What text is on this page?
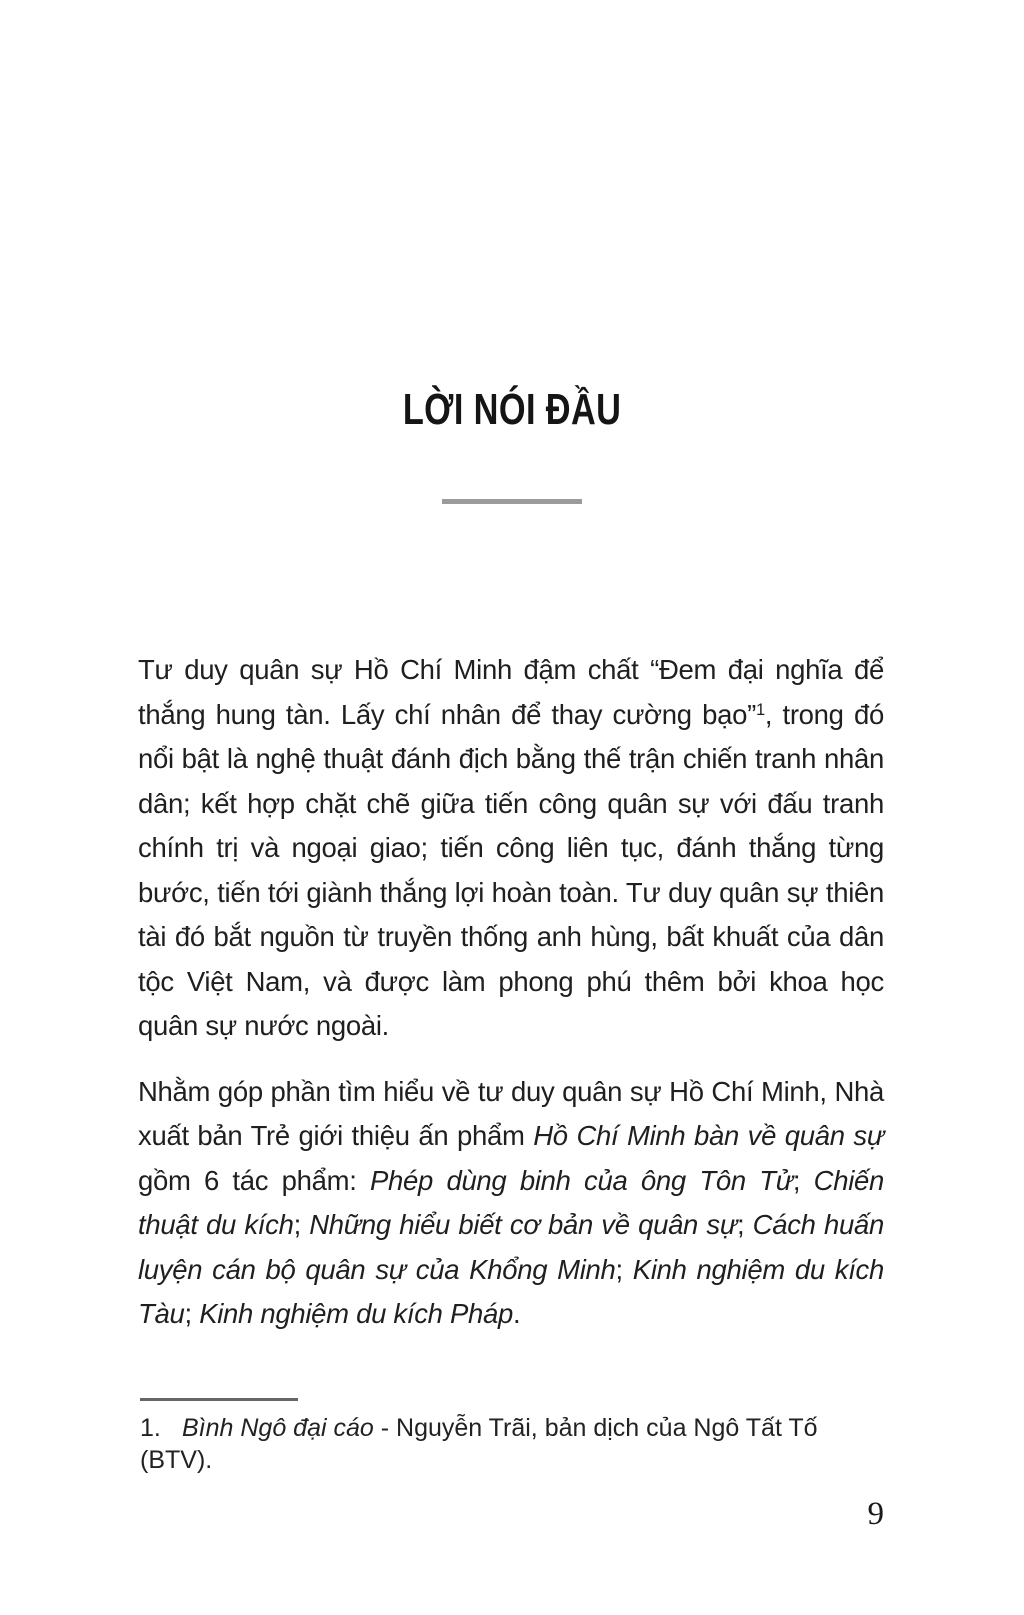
LỜI NÓI ĐẦU

Tư duy quân sự Hồ Chí Minh đậm chất “Đem đại nghĩa để thắng hung tàn. Lấy chí nhân để thay cường bạo”$^1$, trong đó nổi bật là nghệ thuật đánh địch bằng thế trận chiến tranh nhân dân; kết hợp chặt chẽ giữa tiến công quân sự với đấu tranh chính trị và ngoại giao; tiến công liên tục, đánh thắng từng bước, tiến tới giành thắng lợi hoàn toàn. Tư duy quân sự thiên tài đó bắt nguồn từ truyền thống anh hùng, bất khuất của dân tộc Việt Nam, và được làm phong phú thêm bởi khoa học quân sự nước ngoài.

Nhằm góp phần tìm hiểu về tư duy quân sự Hồ Chí Minh, Nhà xuất bản Trẻ giới thiệu ấn phẩm Hồ Chí Minh bàn về quân sự gồm 6 tác phẩm: Phép dùng binh của ông Tôn Tử; Chiến thuật du kích; Những hiểu biết cơ bản về quân sự; Cách huấn luyện cán bộ quân sự của Khổng Minh; Kinh nghiệm du kích Tàu; Kinh nghiệm du kích Pháp.

1. Bình Ngô đại cáo - Nguyễn Trãi, bản dịch của Ngô Tất Tố (BTV).
9
